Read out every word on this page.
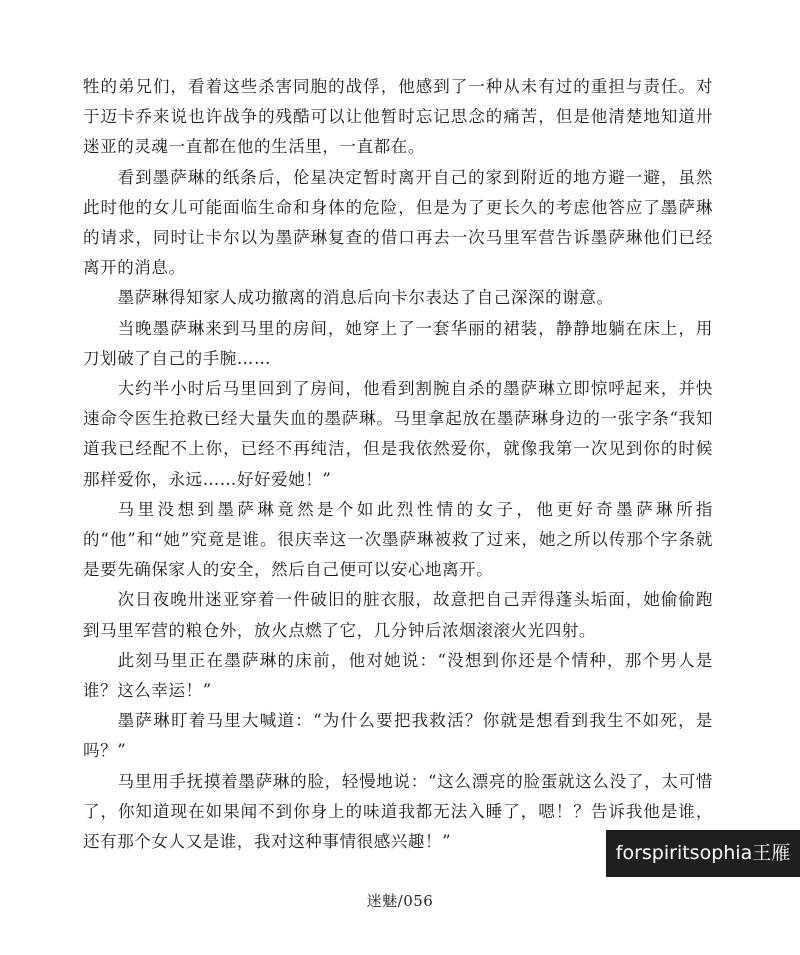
牲的弟兄们，看着这些杀害同胞的战俘，他感到了一种从未有过的重担与责任。对于迈卡乔来说也许战争的残酷可以让他暂时忘记思念的痛苦，但是他清楚地知道卅迷亚的灵魂一直都在他的生活里，一直都在。

看到墨萨琳的纸条后，伦星决定暂时离开自己的家到附近的地方避一避，虽然此时他的女儿可能面临生命和身体的危险，但是为了更长久的考虑他答应了墨萨琳的请求，同时让卡尔以为墨萨琳复查的借口再去一次马里军营告诉墨萨琳他们已经离开的消息。

墨萨琳得知家人成功撤离的消息后向卡尔表达了自己深深的谢意。

当晚墨萨琳来到马里的房间，她穿上了一套华丽的裙装，静静地躺在床上，用刀划破了自己的手腕……

大约半小时后马里回到了房间，他看到割腕自杀的墨萨琳立即惊呼起来，并快速命令医生抢救已经大量失血的墨萨琳。马里拿起放在墨萨琳身边的一张字条“我知道我已经配不上你，已经不再纯洁，但是我依然爱你，就像我第一次见到你的时候那样爱你，永远……好好爱她！”

马里没想到墨萨琳竟然是个如此烈性情的女子，他更好奇墨萨琳所指的“他”和“她”究竟是谁。很庆幸这一次墨萨琳被救了过来，她之所以传那个字条就是要先确保家人的安全，然后自己便可以安心地离开。

次日夜晚卅迷亚穿着一件破旧的脏衣服，故意把自己弄得蓬头垢面，她偷偷跑到马里军营的粮仓外，放火点燃了它，几分钟后浓烟滚滚火光四射。

此刻马里正在墨萨琳的床前，他对她说：“没想到你还是个情种，那个男人是谁？这么幸运！”

墨萨琳盯着马里大喊道：“为什么要把我救活？你就是想看到我生不如死，是吗？”

马里用手抚摸着墨萨琳的脸，轻慢地说：“这么漂亮的脸蛋就这么没了，太可惜了，你知道现在如果闻不到你身上的味道我都无法入睡了，嗯！？告诉我他是谁，还有那个女人又是谁，我对这种事情很感兴趣！”

forspiritsophia王雁
迷魅/056
